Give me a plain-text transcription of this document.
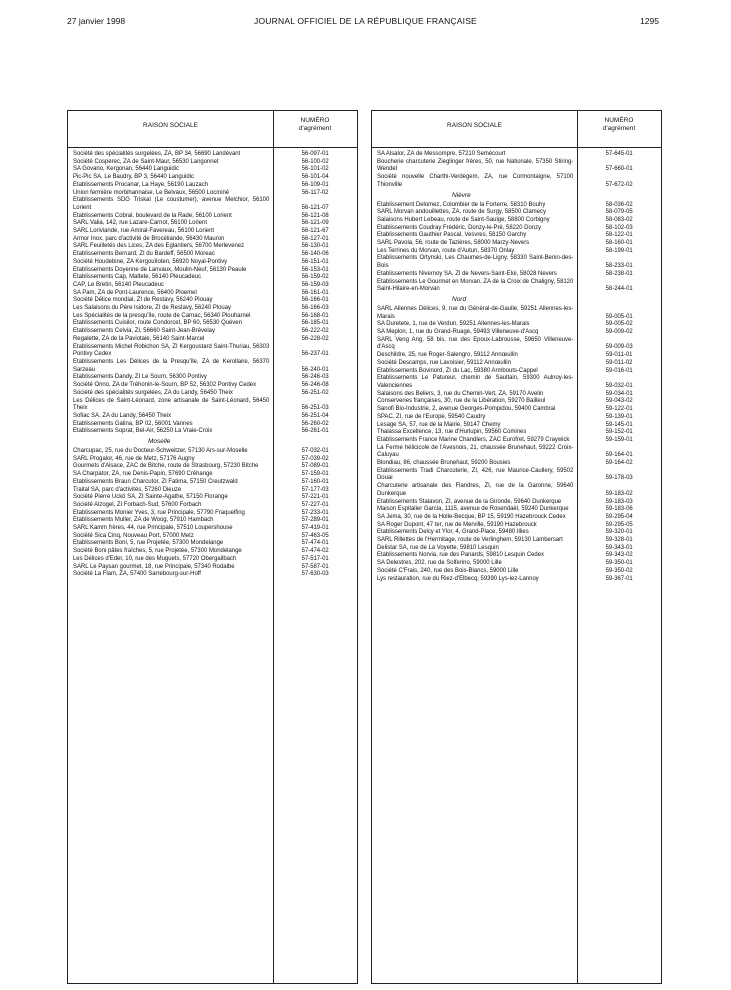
27 janvier 1998	JOURNAL OFFICIEL DE LA RÉPUBLIQUE FRANÇAISE	1295
RAISON SOCIALE
NUMÉRO
d'agrément
Société des spécialités surgelées, ZA, BP 34, 56690 Landévant	56-097-01
Société Cosperec, ZA de Saint-Maur, 56530 Langonnet	56-100-02
SA Govano, Kergonan, 56440 Languidic	56-101-02
Pic-Pic SA, Le Baudry, BP 3, 56440 Languidic	56-101-04
Etablissements Procanar, La Haye, 56190 Lauzach	56-109-01
Union fermière morbihannaise, Le Belvaux, 56500 Locminé	56-117-02
Etablissements SDG Triskal (Le coustumer), avenue Melchior, 56100 Lorient	56-121-07
Etablissements Cobral, boulevard de la Rade, 56100 Lorient	56-121-08
SARL Valia, 142, rue Lazare-Carnot, 56100 Lorient	56-121-09
SARL Loriviande, rue Amiral-Favereau, 56100 Lorient	56-121-67
Armor Inox, parc d'activité de Brocéliande, 56430 Mauron	56-127-01
SARL Feuilletés des Lices, ZA des Eglantiers, 56700 Merlevenez	56-130-01
Etablissements Bernard, ZI du Bardeff, 56500 Moreac	56-140-06
Société Houdebine, ZA Kergouïloten, 56920 Noyal-Pontivy	56-151-01
Etablissements Doyenne de Lanvaux, Moulin-Neuf, 56130 Peaule	56-153-01
Etablissements Cap, Maltete, 56140 Pleucadeuc	56-159-02
CAP, Le Bretin, 56140 Pleucadeuc	56-159-03
SA Pam, ZA de Pont-Laurence, 56400 Ploemel	56-161-01
Société Délice mondial, ZI de Restavy, 56240 Plouay	56-166-01
Les Salaisons du Père Isidore, ZI de Restavy, 56240 Plouay	56-166-03
Les Spécialités de la presqu'île, route de Carnac, 56340 Plouharnel	56-168-01
Etablissements Cuisilor, route Condorcet, BP 60, 56530 Quéven	56-185-01
Etablissements Celvia, ZI, 56660 Saint-Jean-Brévelay	56-222-02
Regalette, ZA de la Paviotaie, 56140 Saint-Marcel	56-228-02
Etablissements Michel Robichon SA, ZI Kergoustard Saint-Thuriau, 56303 Pontivy Cedex	56-237-01
Etablissements Les Délices de la Presqu'île, ZA de Kerollaire, 56370 Sarzeau	56-240-01
Etablissements Dandy, ZI Le Sourn, 56300 Pontivy	56-246-03
Société Onno, ZA de Tréhonin-le-Sourn, BP 52, 56302 Pontivy Cedex	56-246-08
Société des spécialités surgelées, ZA du Landy, 56450 Theix	56-251-02
Les Délices de Saint-Léonard, zone artisanale de Saint-Léonard, 56450 Theix	56-251-03
Sofiac SA, ZA du Landy, 56450 Theix	56-251-04
Etablissements Galina, BP 02, 56001 Vannes	56-260-02
Etablissements Soprat, Bel-Air, 56250 La Vraie-Croix	56-261-01
Moselle
Charcupac, 25, rue du Docteur-Schweitzer, 57130 Ars-sur-Moselle	57-032-01
SARL Progalor, 46, rue de Metz, 57176 Augny	57-039-02
Gourmets d'Alsace, ZAC de Bitche, route de Strasbourg, 57230 Bitche	57-089-01
SA Charpator, ZA, rue Denis-Papin, 57690 Créhange	57-159-01
Etablissements Braun Charcutor, ZI Fatima, 57150 Creutzwald	57-160-01
Traital SA, parc d'activités, 57260 Dieuze	57-177-03
Société Pierre Uckö SA, ZI Sainte-Agathe, 57150 Florange	57-221-01
Société Alzogel, ZI Forbach-Sud, 57600 Forbach	57-227-01
Etablissements Monier Yves, 3, rue Principale, 57790 Fraquelfing	57-233-01
Etablissements Muller, ZA de Woog, 57910 Hambach	57-289-01
SARL Kamm frères, 44, rue Principale, 57510 Loupershouse	57-419-01
Société Sica Cinq, Nouveau Port, 57000 Metz	57-463-05
Etablissements Boni, 5, rue Projetée, 57300 Mondelange	57-474-01
Société Boni pâtes fraîches, 5, rue Projetée, 57300 Mondelange	57-474-02
Les Délices d'Eder, 10, rue des Muguets, 57720 Obergailbach	57-517-01
SARL Le Paysan gourmet, 18, rue Principale, 57340 Rodalbe	57-587-01
Société La Flam, ZA, 57400 Sarrebourg-sur-Hoff	57-630-03
RAISON SOCIALE
NUMÉRO
d'agrément
SA Alsalor, ZA de Messompre, 57210 Semécourt	57-645-01
Boucherie charcuterie Zieglinger frères, 50, rue Nationale, 57350 Stiring-Wendel	57-660-01
Société nouvelle Charthi-Verdegem, ZA, rue Cormontaigne, 57100 Thionville	57-672-02
Nièvre
Etablissement Delomez, Colombier de la Forterre, 58310 Bouhy	58-036-02
SARL Morvan andouillettes, ZA, route de Surgy, 58500 Clamecy	58-079-05
Salaisons Hubert Lebeau, route de Saint-Saulge, 58800 Corbigny	58-083-02
Etablissements Coudray Frédéric, Donzy-le-Pré, 58220 Donzy	58-102-03
Etablissements Gauthier Pascal, Vesvres, 58150 Garchy	58-122-01
SARL Pavola, 56, route de Tazières, 58000 Marzy-Nevers	58-160-01
Les Terrines du Morvan, route d'Autun, 58370 Onlay	58-199-01
Etablissements Ortynski, Les Chaumes-de-Ligny, 58330 Saint-Benin-des-Bois	58-233-01
Etablissements Nivernoy SA, ZI de Nevers-Saint-Eloi, 58028 Nevers	58-238-01
Etablissements Le Gourmet en Morvan, ZA de la Croix de Chaligny, 58120 Saint-Hilaire-en-Morvan	58-244-01
Nord
SARL Allennes Délices, 9, rue du Général-de-Gaulle, 59251 Allennes-les-Marais	59-005-01
SA Duretete, 1, rue de Verdun, 59251 Allennes-les-Marais	59-005-02
SA Meplon, 1, rue du Grand-Ruage, 59493 Villeneuve-d'Ascq	59-009-02
SARL Veng Ang, 58 bis, rue des Epoux-Labrousse, 59650 Villeneuve-d'Ascq	59-009-03
Deschildre, 25, rue Roger-Salengro, 59112 Annœullin	59-011-01
Société Descamps, rue Lavoisier, 59112 Annœullin	59-011-02
Etablissements Bovinord, ZI du Lac, 59380 Armbouts-Cappel	59-016-01
Etablissements Le Patureur, chemin de Saultain, 59300 Aulnoy-les-Valenciennes	59-032-01
Salaisons des Beliers, 3, rue du Chemin-Vert, ZA, 59170 Avelin	59-034-01
Conserveries françaises, 30, rue de la Libération, 59270 Bailleul	59-043-02
Sanofi Bio-Industrie, 2, avenue Georges-Pompidou, 59400 Cambrai	59-122-01
SPAC, ZI, rue de l'Europe, 59540 Caudry	59-139-01
Lesage SA, 57, rue de la Mairie, 59147 Chemy	59-145-01
Thalassa Excellence, 13, rue d'Hurlupin, 59560 Comines	59-152-01
Etablissements France Marine Chandlers, ZAC Eurofret, 59279 Craywick	59-159-01
La Ferme hélicicole de l'Avesnois, 21, chaussée Brunehaut, 59222 Croix-Caluyau	59-164-01
Blondiau, 86, chaussée Brunehaut, 59200 Bousies	59-164-02
Etablissements Tradi Charcuterie, ZI, 426, rue Maurice-Caullery, 59502 Douai	59-178-03
Charcuterie artisanale des Flandres, ZI, rue de la Garonne, 59640 Dunkerque	59-183-02
Etablissements Stalavon, ZI, avenue de la Gironde, 59640 Dunkerque	59-183-03
Maison Espitalier Garcia, 1115, avenue de Rosendaël, 59240 Dunkerque	59-183-06
SA Jema, 30, rue de la Holle-Becque, BP 15, 59190 Hazebrouck Cedex	59-295-04
SA Roger Dupont, 47 ter, rue de Merville, 59190 Hazebrouck	59-295-05
Etablissements Delcy et Ylor, 4, Grand-Place, 59480 Illies	59-320-01
SARL Rillettes de l'Hermitage, route de Verlinghem, 59130 Lambersart	59-328-01
Delistar SA, rue de La Voyette, 59810 Lesquin	59-343-01
Etablissements Norvia, rue des Panards, 59810 Lesquin Cedex	59-343-02
SA Delestres, 202, rue de Solferino, 59000 Lille	59-350-01
Société C'Frais, 240, rue des Bois-Blancs, 59000 Lille	59-350-02
Lys restauration, rue du Riez-d'Elbecq, 59390 Lys-lez-Lannoy	59-367-01
